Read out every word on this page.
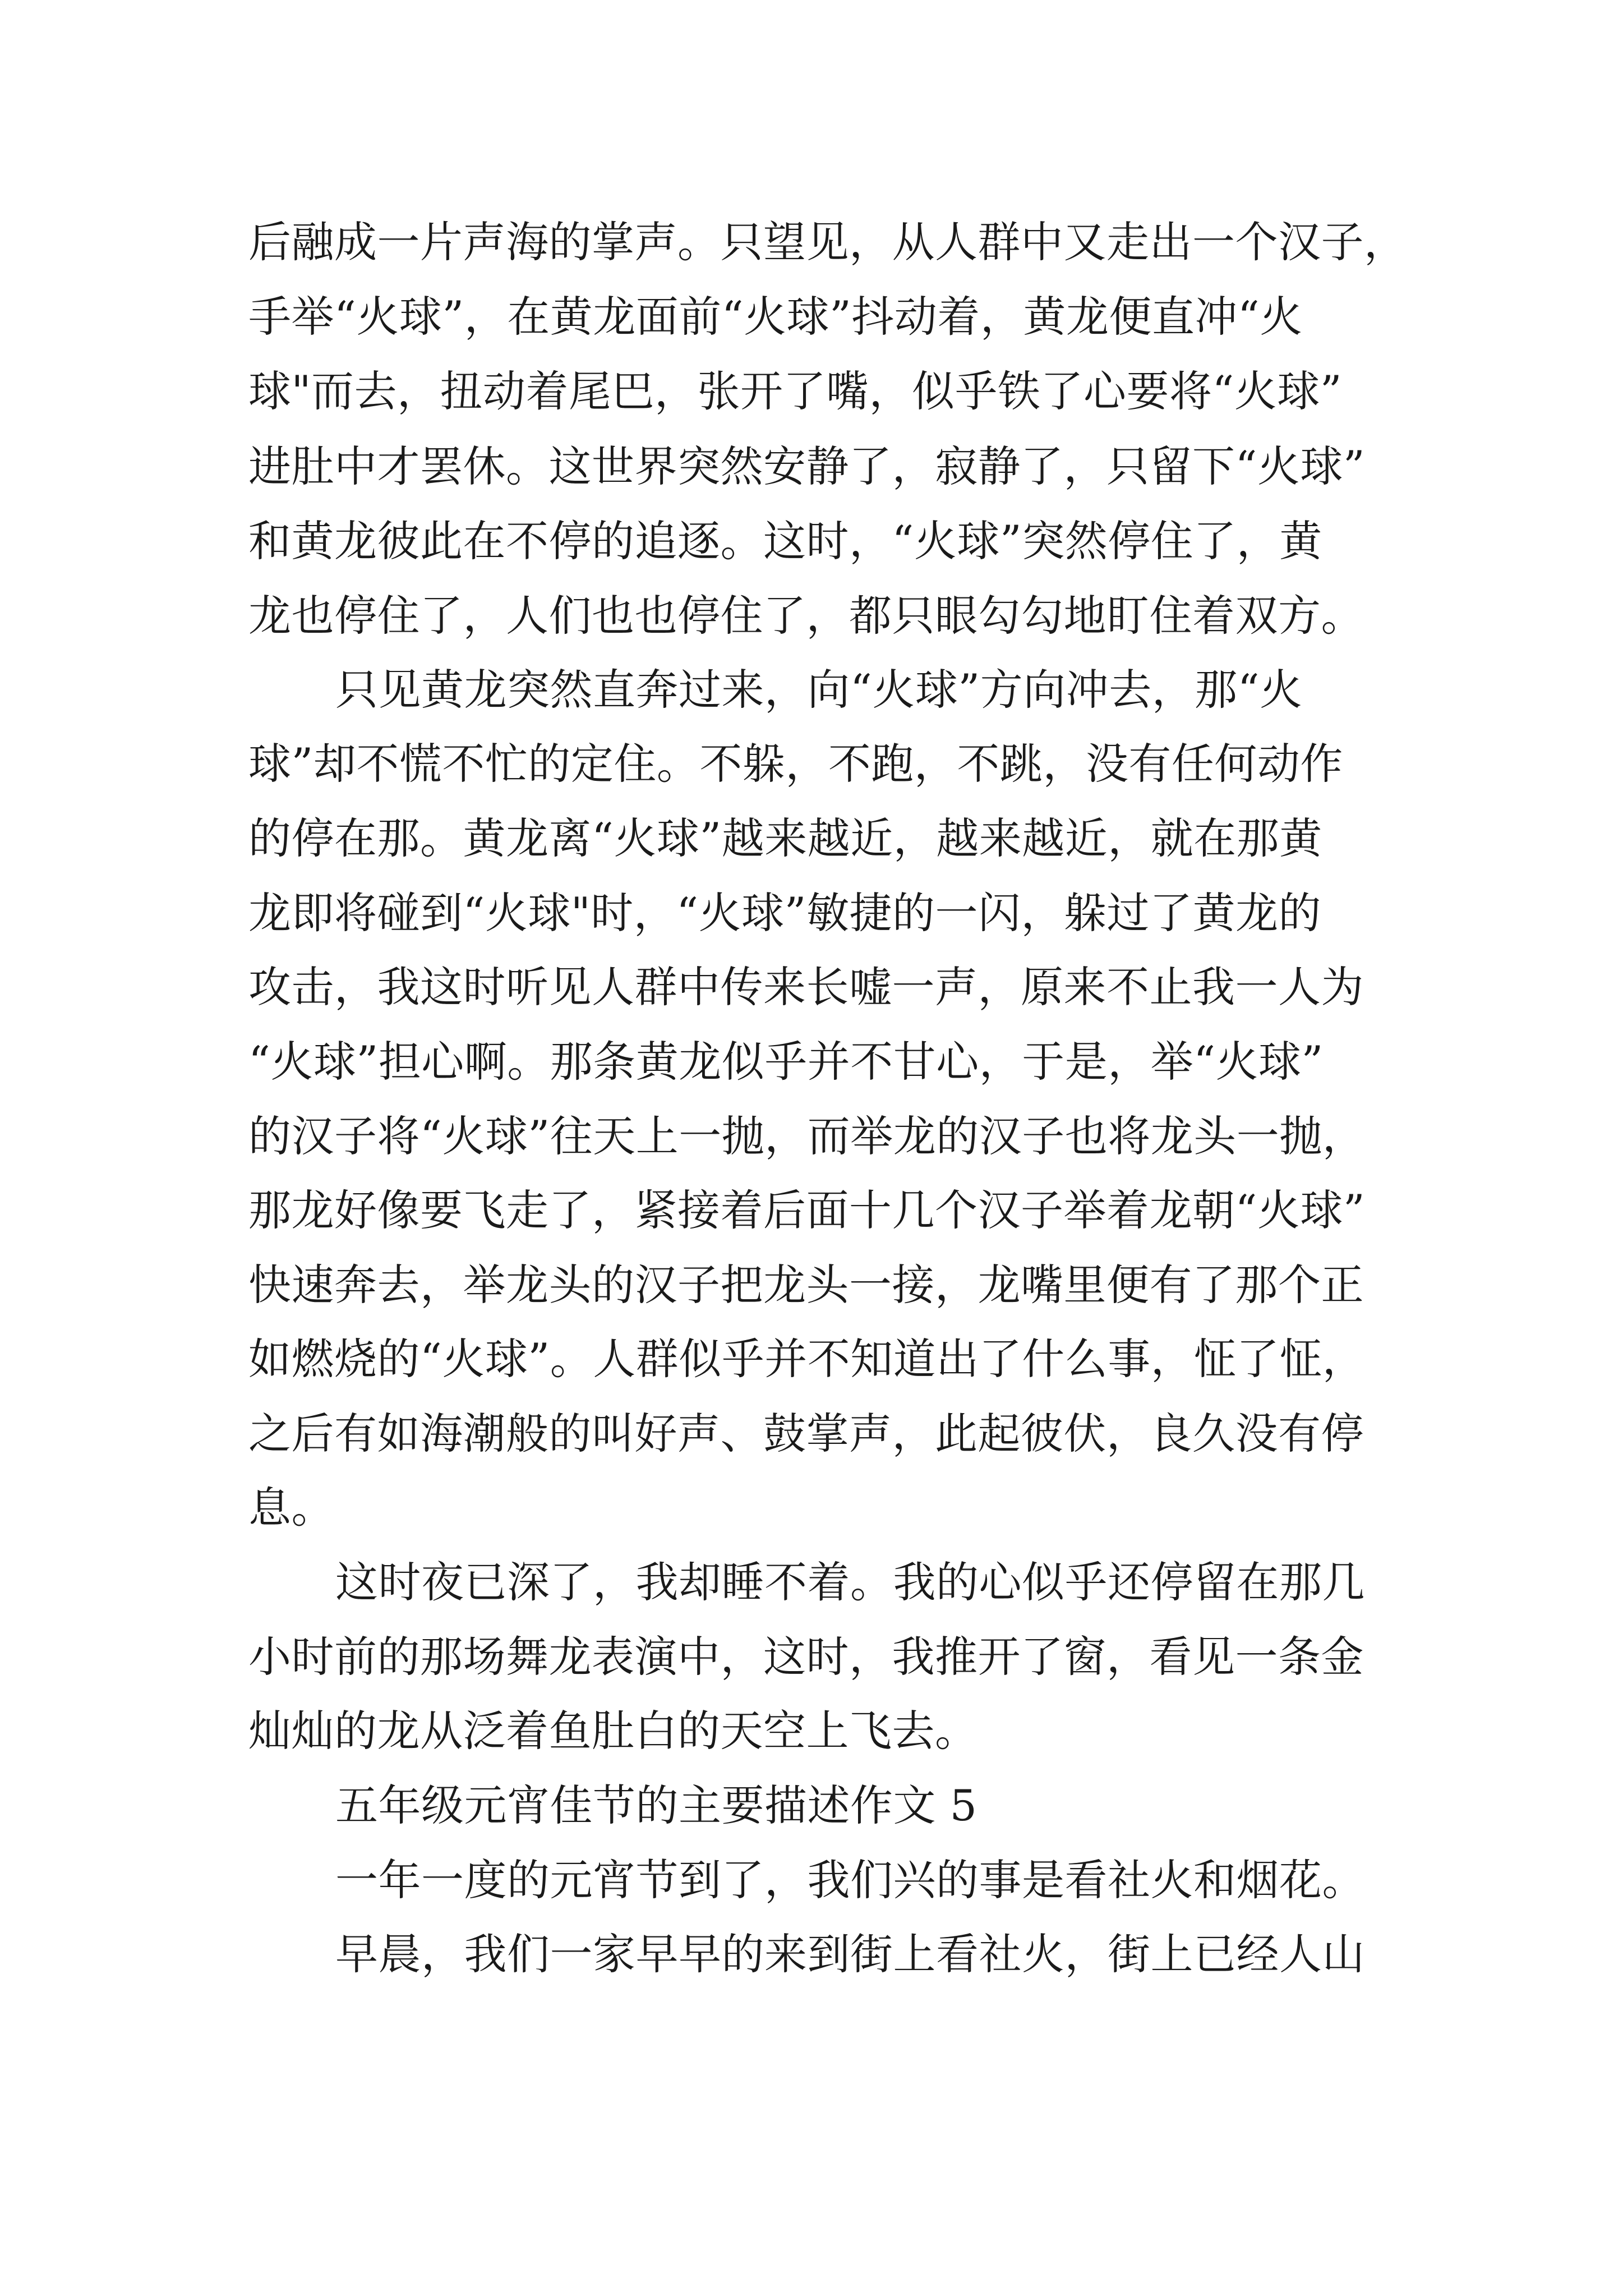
后融成一片声海的掌声。只望见，从人群中又走出一个汉子，
手举“火球”，在黄龙面前“火球”抖动着，黄龙便直冲“火
球"而去，扭动着尾巴，张开了嘴，似乎铁了心要将“火球”
进肚中才罢休。这世界突然安静了，寂静了，只留下“火球”
和黄龙彼此在不停的追逐。这时，“火球”突然停住了，黄
龙也停住了，人们也也停住了，都只眼勾勾地盯住着双方。
只见黄龙突然直奔过来，向“火球”方向冲去，那“火
球”却不慌不忙的定住。不躲，不跑，不跳，没有任何动作
的停在那。黄龙离“火球”越来越近，越来越近，就在那黄
龙即将碰到“火球"时，“火球”敏捷的一闪，躲过了黄龙的
攻击，我这时听见人群中传来长嘘一声，原来不止我一人为
“火球”担心啊。那条黄龙似乎并不甘心，于是，举“火球”
的汉子将“火球”往天上一抛，而举龙的汉子也将龙头一抛，
那龙好像要飞走了，紧接着后面十几个汉子举着龙朝“火球”
快速奔去，举龙头的汉子把龙头一接，龙嘴里便有了那个正
如燃烧的“火球”。人群似乎并不知道出了什么事，怔了怔，
之后有如海潮般的叫好声、鼓掌声，此起彼伏，良久没有停
息。
这时夜已深了，我却睡不着。我的心似乎还停留在那几
小时前的那场舞龙表演中，这时，我推开了窗，看见一条金
灿灿的龙从泛着鱼肚白的天空上飞去。
五年级元宵佳节的主要描述作文 5
一年一度的元宵节到了，我们兴的事是看社火和烟花。
早晨，我们一家早早的来到街上看社火，街上已经人山
